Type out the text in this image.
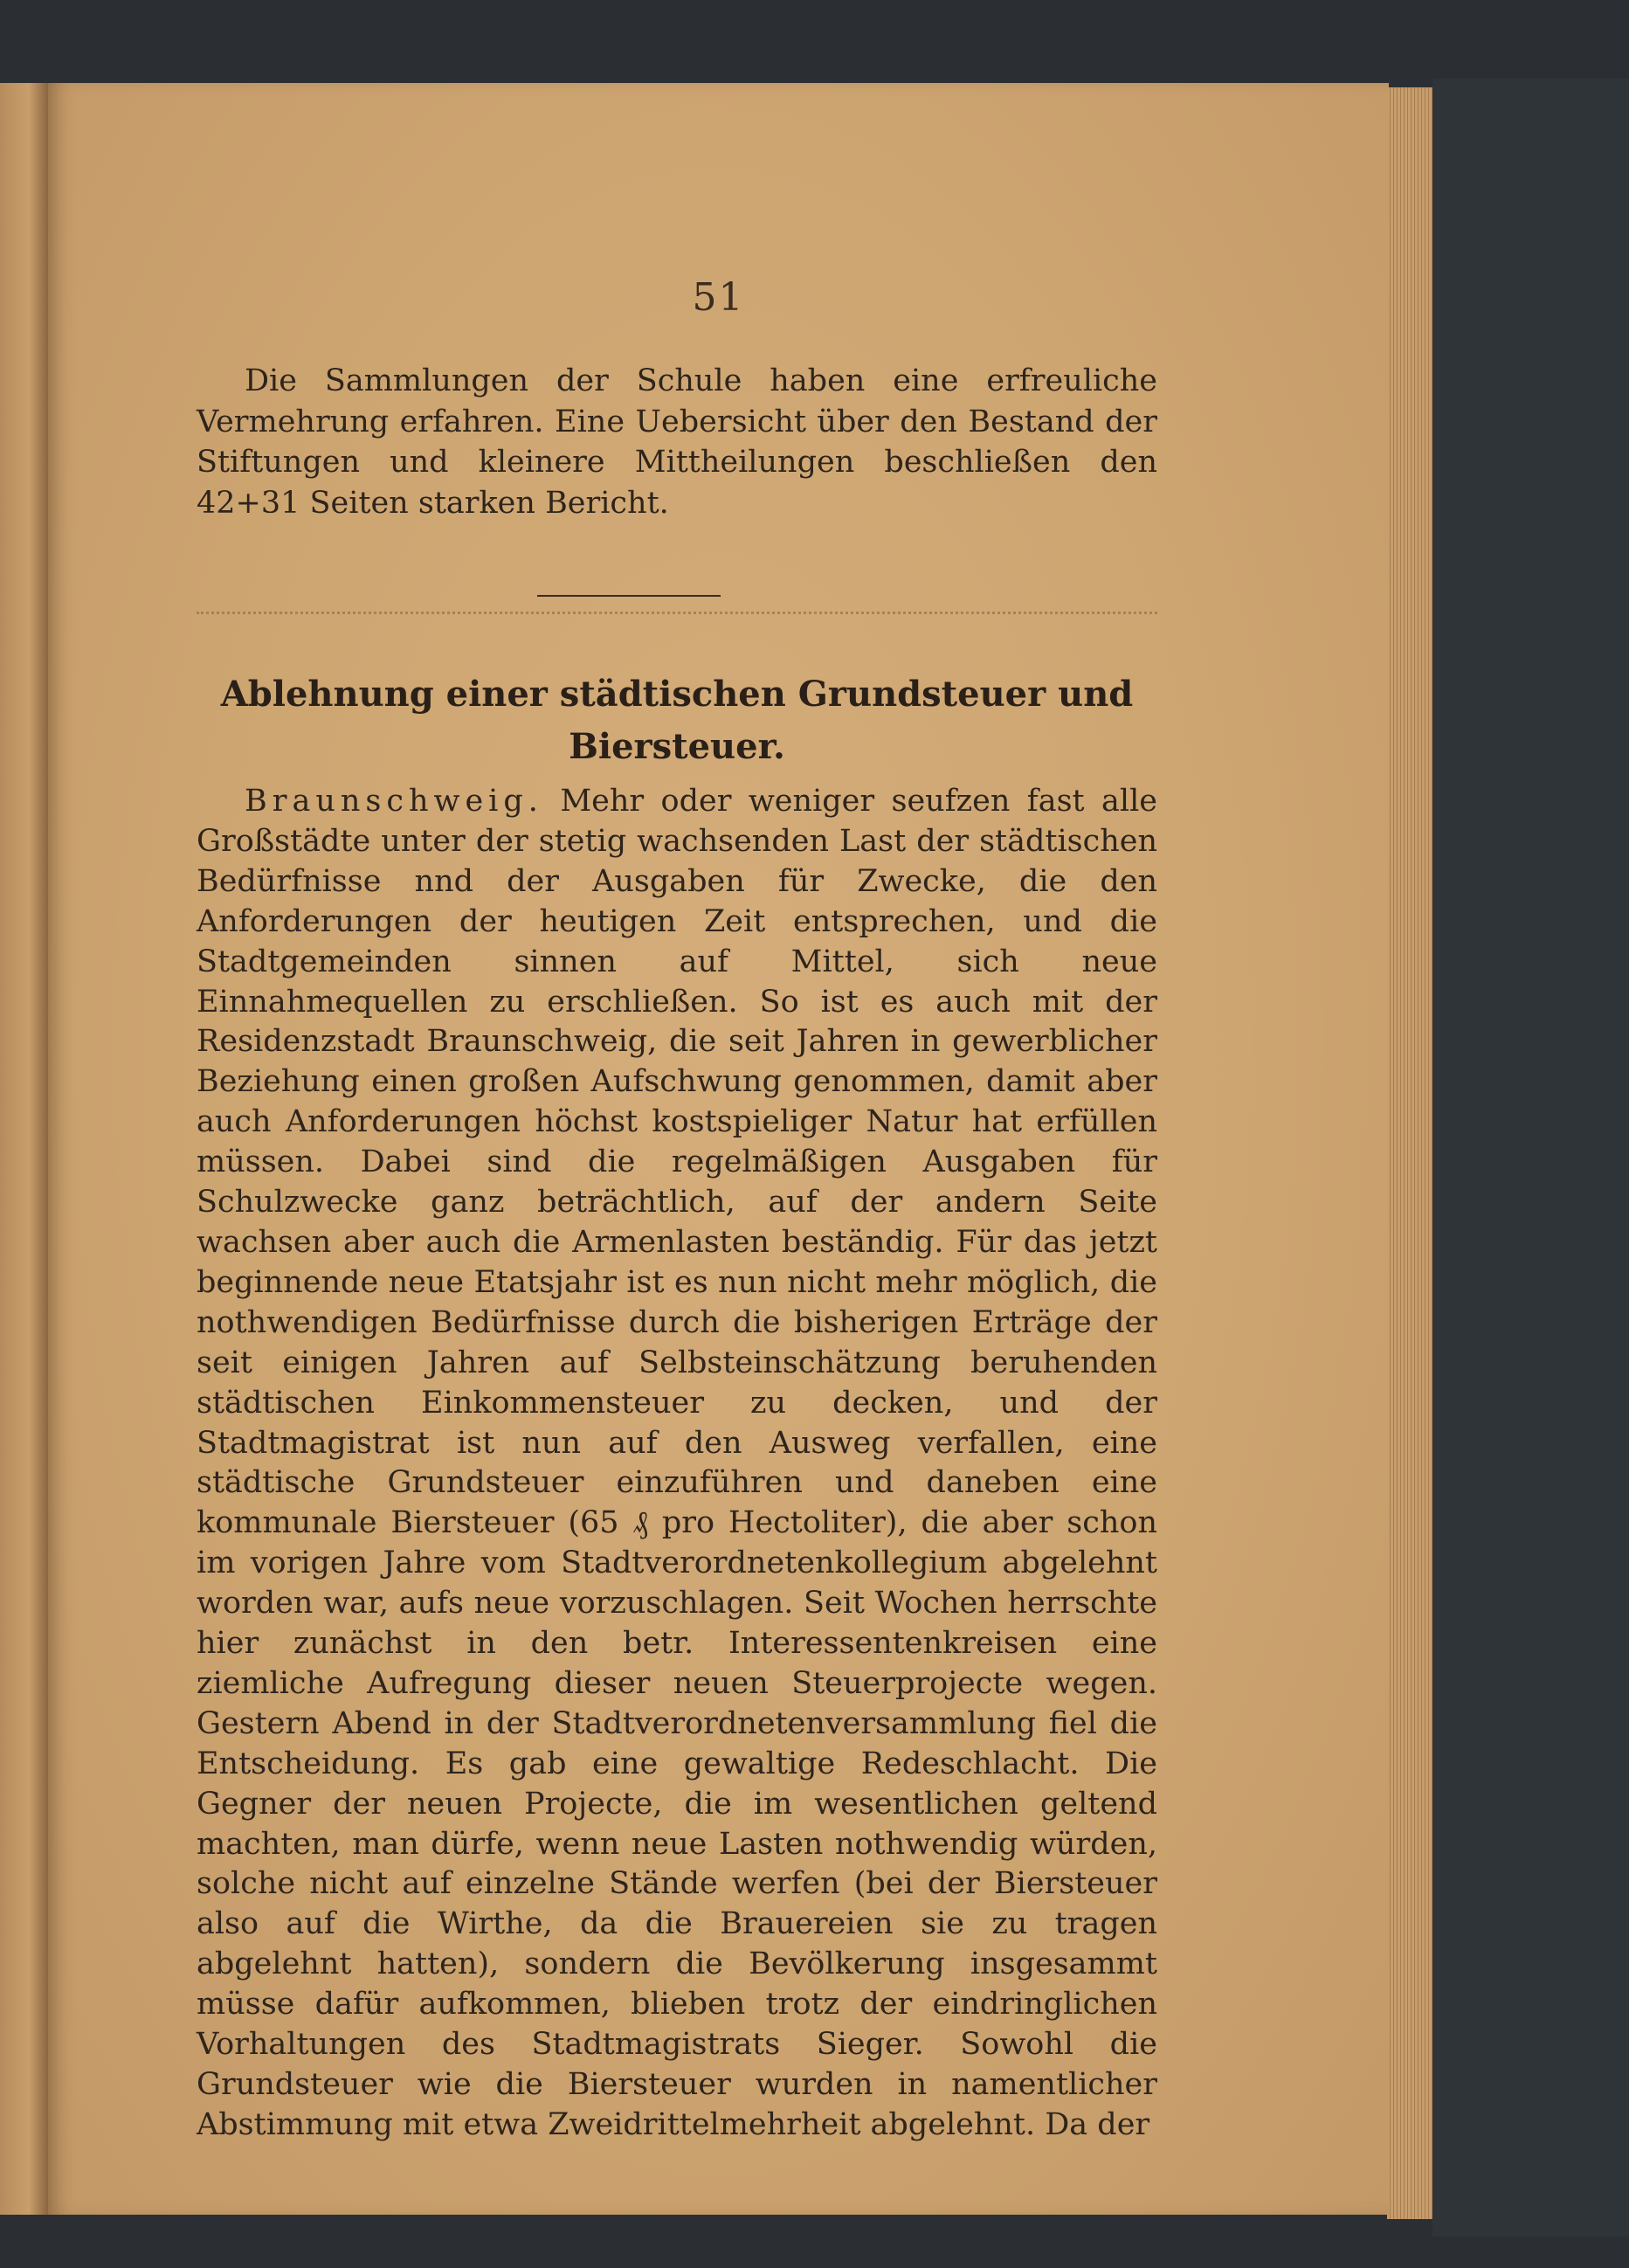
51

Die Sammlungen der Schule haben eine erfreuliche Vermehrung erfahren. Eine Uebersicht über den Bestand der Stiftungen und kleinere Mittheilungen beschließen den 42+31 Seiten starken Bericht.

Ablehnung einer städtischen Grundsteuer und Biersteuer.

Braunschweig. Mehr oder weniger seufzen fast alle Großstädte unter der stetig wachsenden Last der städtischen Bedürfnisse nnd der Ausgaben für Zwecke, die den Anforderungen der heutigen Zeit entsprechen, und die Stadtgemeinden sinnen auf Mittel, sich neue Einnahmequellen zu erschließen. So ist es auch mit der Residenzstadt Braunschweig, die seit Jahren in gewerblicher Beziehung einen großen Aufschwung genommen, damit aber auch Anforderungen höchst kostspieliger Natur hat erfüllen müssen. Dabei sind die regelmäßigen Ausgaben für Schulzwecke ganz beträchtlich, auf der andern Seite wachsen aber auch die Armenlasten beständig. Für das jetzt beginnende neue Etatsjahr ist es nun nicht mehr möglich, die nothwendigen Bedürfnisse durch die bisherigen Erträge der seit einigen Jahren auf Selbsteinschätzung beruhenden städtischen Einkommensteuer zu decken, und der Stadtmagistrat ist nun auf den Ausweg verfallen, eine städtische Grundsteuer einzuführen und daneben eine kommunale Biersteuer (65 ₰ pro Hectoliter), die aber schon im vorigen Jahre vom Stadtverordnetenkollegium abgelehnt worden war, aufs neue vorzuschlagen. Seit Wochen herrschte hier zunächst in den betr. Interessentenkreisen eine ziemliche Aufregung dieser neuen Steuerprojecte wegen. Gestern Abend in der Stadtverordnetenversammlung fiel die Entscheidung. Es gab eine gewaltige Redeschlacht. Die Gegner der neuen Projecte, die im wesentlichen geltend machten, man dürfe, wenn neue Lasten nothwendig würden, solche nicht auf einzelne Stände werfen (bei der Biersteuer also auf die Wirthe, da die Brauereien sie zu tragen abgelehnt hatten), sondern die Bevölkerung insgesammt müsse dafür aufkommen, blieben trotz der eindringlichen Vorhaltungen des Stadtmagistrats Sieger. Sowohl die Grundsteuer wie die Biersteuer wurden in namentlicher Abstimmung mit etwa Zweidrittelmehrheit abgelehnt. Da der
